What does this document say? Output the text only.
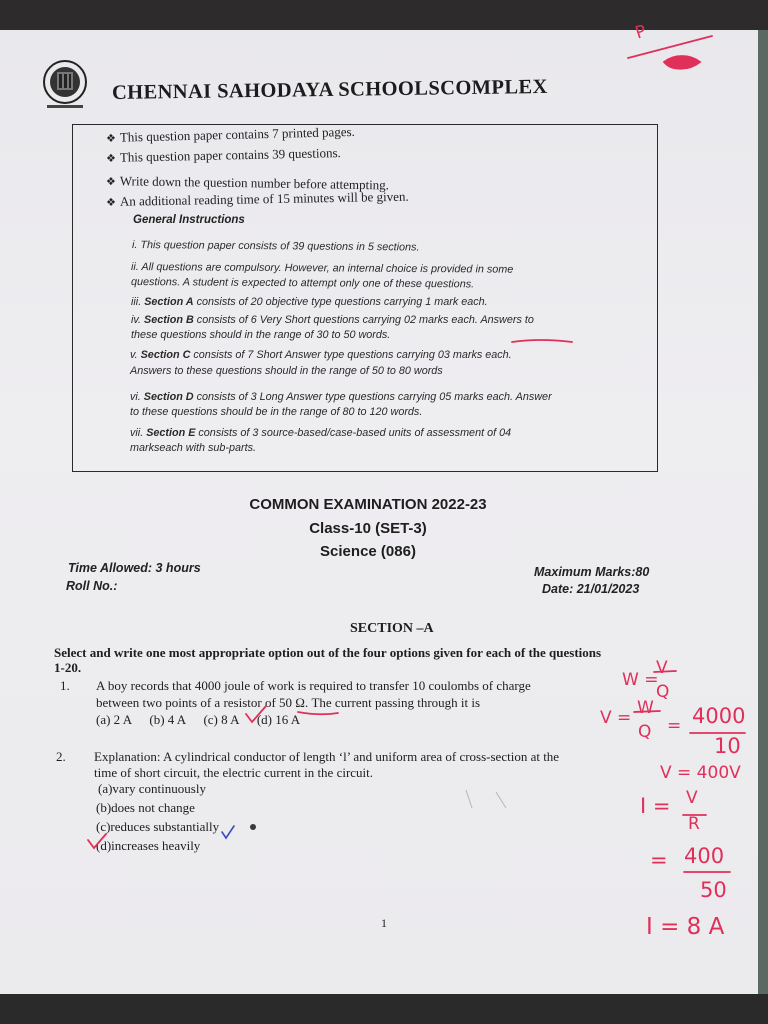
CHENNAI SAHODAYA SCHOOLSCOMPLEX
❖ This question paper contains 7 printed pages.
❖ This question paper contains 39 questions.
❖ Write down the question number before attempting.
❖ An additional reading time of 15 minutes will be given.
General Instructions
i. This question paper consists of 39 questions in 5 sections.
ii. All questions are compulsory. However, an internal choice is provided in some
questions. A student is expected to attempt only one of these questions.
iii. Section A consists of 20 objective type questions carrying 1 mark each.
iv. Section B consists of 6 Very Short questions carrying 02 marks each. Answers to
these questions should in the range of 30 to 50 words.
v. Section C consists of 7 Short Answer type questions carrying 03 marks each.
Answers to these questions should in the range of 50 to 80 words
vi. Section D consists of 3 Long Answer type questions carrying 05 marks each. Answer
to these questions should be in the range of 80 to 120 words.
vii. Section E consists of 3 source-based/case-based units of assessment of 04
markseach with sub-parts.
COMMON EXAMINATION 2022-23
Class-10 (SET-3)
Science (086)
Time Allowed: 3 hours
Roll No.:
Maximum Marks:80
Date: 21/01/2023
SECTION –A
Select and write one most appropriate option out of the four options given for each of the questions
1-20.
1. A boy records that 4000 joule of work is required to transfer 10 coulombs of charge
between two points of a resistor of 50 Ω. The current passing through it is
(a) 2 A (b) 4 A (c) 8 A (d) 16 A
2. Explanation: A cylindrical conductor of length ‘l’ and uniform area of cross-section at the
time of short circuit, the electric current in the circuit.
(a)vary continuously
(b)does not change
(c)reduces substantially
(d)increases heavily
1
W =
V
Q
V = W
Q = 4000
10
V = 400V
I = V
R
= 400
50
I = 8 A
P
